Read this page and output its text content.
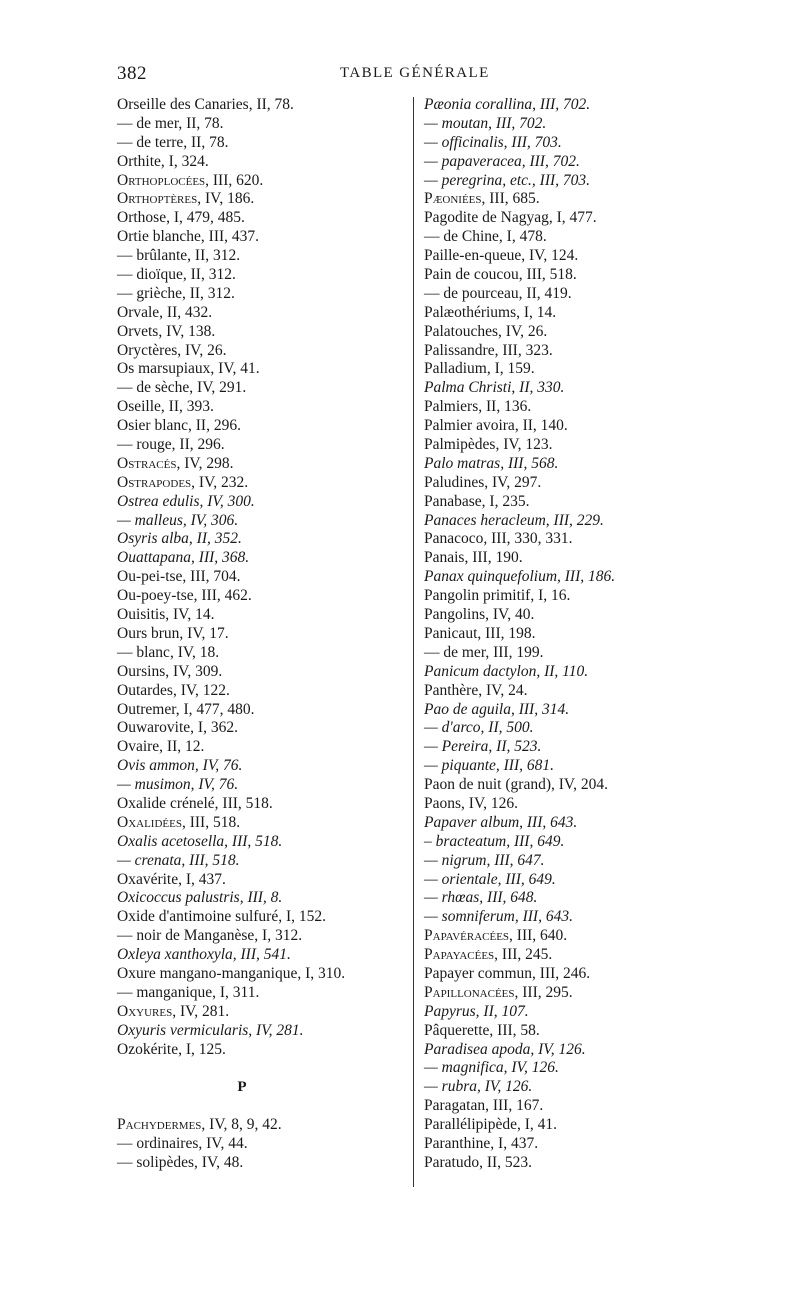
382	TABLE GÉNÉRALE
Orseille des Canaries, II, 78.
— de mer, II, 78.
— de terre, II, 78.
Orthite, I, 324.
Orthoplocées, III, 620.
Orthoptères, IV, 186.
Orthose, I, 479, 485.
Ortie blanche, III, 437.
— brûlante, II, 312.
— dioïque, II, 312.
— grièche, II, 312.
Orvale, II, 432.
Orvets, IV, 138.
Oryctères, IV, 26.
Os marsupiaux, IV, 41.
— de sèche, IV, 291.
Oseille, II, 393.
Osier blanc, II, 296.
— rouge, II, 296.
Ostracés, IV, 298.
Ostrapodes, IV, 232.
Ostrea edulis, IV, 300.
— malleus, IV, 306.
Osyris alba, II, 352.
Ouattapana, III, 368.
Ou-pei-tse, III, 704.
Ou-poey-tse, III, 462.
Ouisitis, IV, 14.
Ours brun, IV, 17.
— blanc, IV, 18.
Oursins, IV, 309.
Outardes, IV, 122.
Outremer, I, 477, 480.
Ouwarovite, I, 362.
Ovaire, II, 12.
Ovis ammon, IV, 76.
— musimon, IV, 76.
Oxalide crénelé, III, 518.
Oxalidées, III, 518.
Oxalis acetosella, III, 518.
— crenata, III, 518.
Oxavérite, I, 437.
Oxicoccus palustris, III, 8.
Oxide d'antimoine sulfuré, I, 152.
— noir de Manganèse, I, 312.
Oxleya xanthoxyla, III, 541.
Oxure mangano-manganique, I, 310.
— manganique, I, 311.
Oxyures, IV, 281.
Oxyuris vermicularis, IV, 281.
Ozokérite, I, 125.
P
Pachydermes, IV, 8, 9, 42.
— ordinaires, IV, 44.
— solipèdes, IV, 48.
Pæonia corallina, III, 702.
— moutan, III, 702.
— officinalis, III, 703.
— papaveracea, III, 702.
— peregrina, etc., III, 703.
Pæoniées, III, 685.
Pagodite de Nagyag, I, 477.
— de Chine, I, 478.
Paille-en-queue, IV, 124.
Pain de coucou, III, 518.
— de pourceau, II, 419.
Palæothériums, I, 14.
Palatouches, IV, 26.
Palissandre, III, 323.
Palladium, I, 159.
Palma Christi, II, 330.
Palmiers, II, 136.
Palmier avoira, II, 140.
Palmipèdes, IV, 123.
Palo matras, III, 568.
Paludines, IV, 297.
Panabase, I, 235.
Panaces heracleum, III, 229.
Panacoco, III, 330, 331.
Panais, III, 190.
Panax quinquefolium, III, 186.
Pangolin primitif, I, 16.
Pangolins, IV, 40.
Panicaut, III, 198.
— de mer, III, 199.
Panicum dactylon, II, 110.
Panthère, IV, 24.
Pao de aguila, III, 314.
— d'arco, II, 500.
— Pereira, II, 523.
— piquante, III, 681.
Paon de nuit (grand), IV, 204.
Paons, IV, 126.
Papaver album, III, 643.
– bracteatum, III, 649.
— nigrum, III, 647.
— orientale, III, 649.
— rhœas, III, 648.
— somniferum, III, 643.
Papavéracées, III, 640.
Papayacées, III, 245.
Papayer commun, III, 246.
Papillonacées, III, 295.
Papyrus, II, 107.
Pâquerette, III, 58.
Paradisea apoda, IV, 126.
— magnifica, IV, 126.
— rubra, IV, 126.
Paragatan, III, 167.
Parallélipipède, I, 41.
Paranthine, I, 437.
Paratudo, II, 523.
